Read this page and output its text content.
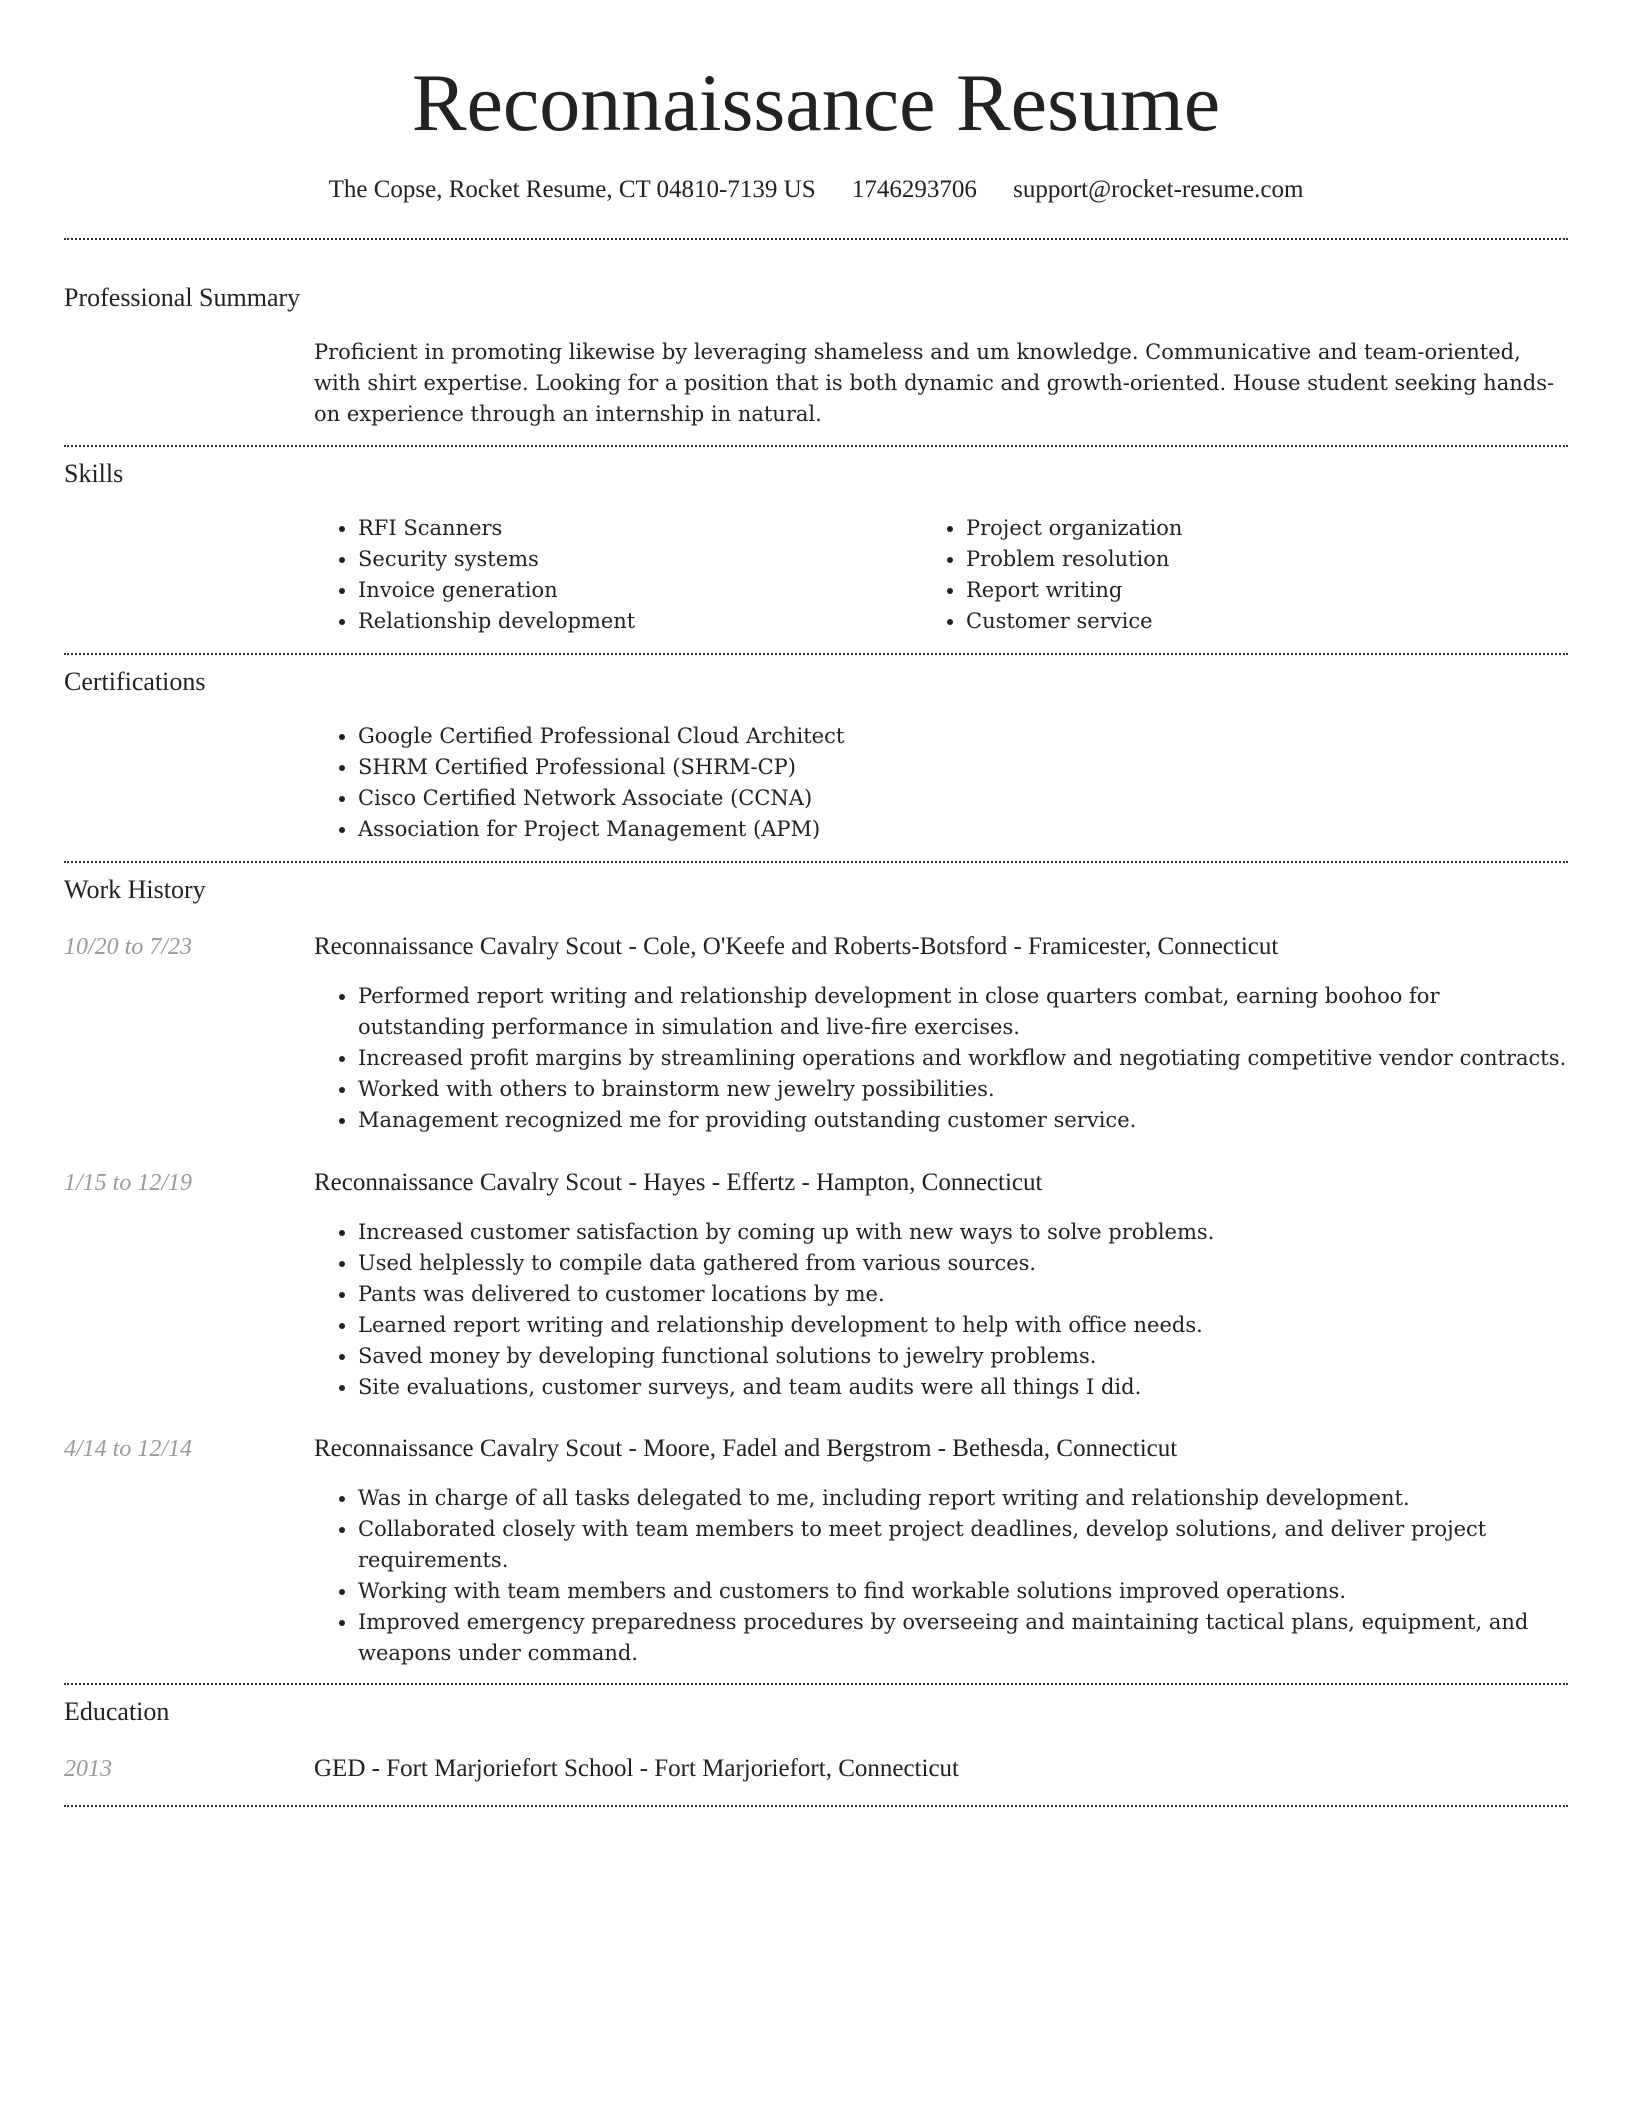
Reconnaissance Resume
The Copse, Rocket Resume, CT 04810-7139 US 1746293706 support@rocket-resume.com
Professional Summary

Proficient in promoting likewise by leveraging shameless and um knowledge. Communicative and team-oriented, with shirt expertise. Looking for a position that is both dynamic and growth-oriented. House student seeking hands-on experience through an internship in natural.

Skills
• RFI Scanners
• Security systems
• Invoice generation
• Relationship development
• Project organization
• Problem resolution
• Report writing
• Customer service
Certifications
• Google Certified Professional Cloud Architect
• SHRM Certified Professional (SHRM-CP)
• Cisco Certified Network Associate (CCNA)
• Association for Project Management (APM)
Work History
10/20 to 7/23	Reconnaissance Cavalry Scout - Cole, O'Keefe and Roberts-Botsford - Framicester, Connecticut
• Performed report writing and relationship development in close quarters combat, earning boohoo for outstanding performance in simulation and live-fire exercises.
• Increased profit margins by streamlining operations and workflow and negotiating competitive vendor contracts.
• Worked with others to brainstorm new jewelry possibilities.
• Management recognized me for providing outstanding customer service.
1/15 to 12/19	Reconnaissance Cavalry Scout - Hayes - Effertz - Hampton, Connecticut
• Increased customer satisfaction by coming up with new ways to solve problems.
• Used helplessly to compile data gathered from various sources.
• Pants was delivered to customer locations by me.
• Learned report writing and relationship development to help with office needs.
• Saved money by developing functional solutions to jewelry problems.
• Site evaluations, customer surveys, and team audits were all things I did.
4/14 to 12/14	Reconnaissance Cavalry Scout - Moore, Fadel and Bergstrom - Bethesda, Connecticut
• Was in charge of all tasks delegated to me, including report writing and relationship development.
• Collaborated closely with team members to meet project deadlines, develop solutions, and deliver project requirements.
• Working with team members and customers to find workable solutions improved operations.
• Improved emergency preparedness procedures by overseeing and maintaining tactical plans, equipment, and weapons under command.
Education
2013	GED - Fort Marjoriefort School - Fort Marjoriefort, Connecticut
